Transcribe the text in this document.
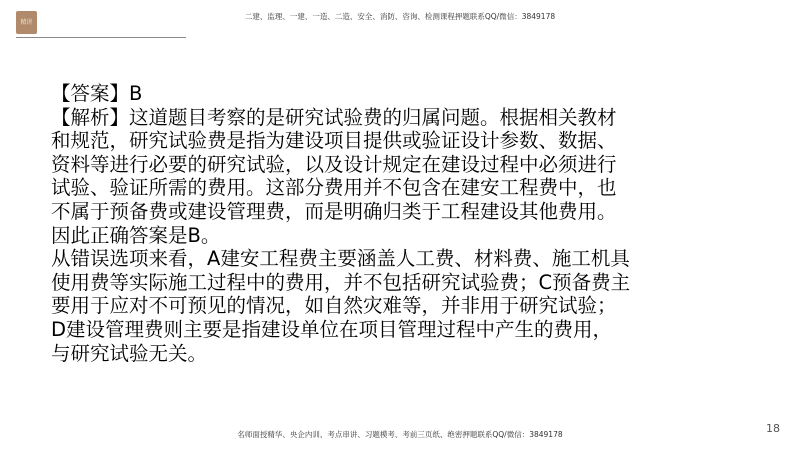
精讲
二建、监理、一建、一造、二造、安全、消防、咨询、检测课程押题联系QQ/微信：3849178

【答案】B

【解析】这道题目考察的是研究试验费的归属问题。根据相关教材和规范，研究试验费是指为建设项目提供或验证设计参数、数据、资料等进行必要的研究试验，以及设计规定在建设过程中必须进行试验、验证所需的费用。这部分费用并不包含在建安工程费中，也不属于预备费或建设管理费，而是明确归类于工程建设其他费用。因此正确答案是B。

从错误选项来看，A建安工程费主要涵盖人工费、材料费、施工机具使用费等实际施工过程中的费用，并不包括研究试验费；C预备费主要用于应对不可预见的情况，如自然灾难等，并非用于研究试验；D建设管理费则主要是指建设单位在项目管理过程中产生的费用，与研究试验无关。

18
名师面授精华、央企内训、考点串讲、习题模考、考前三页纸、绝密押题联系QQ/微信：3849178
